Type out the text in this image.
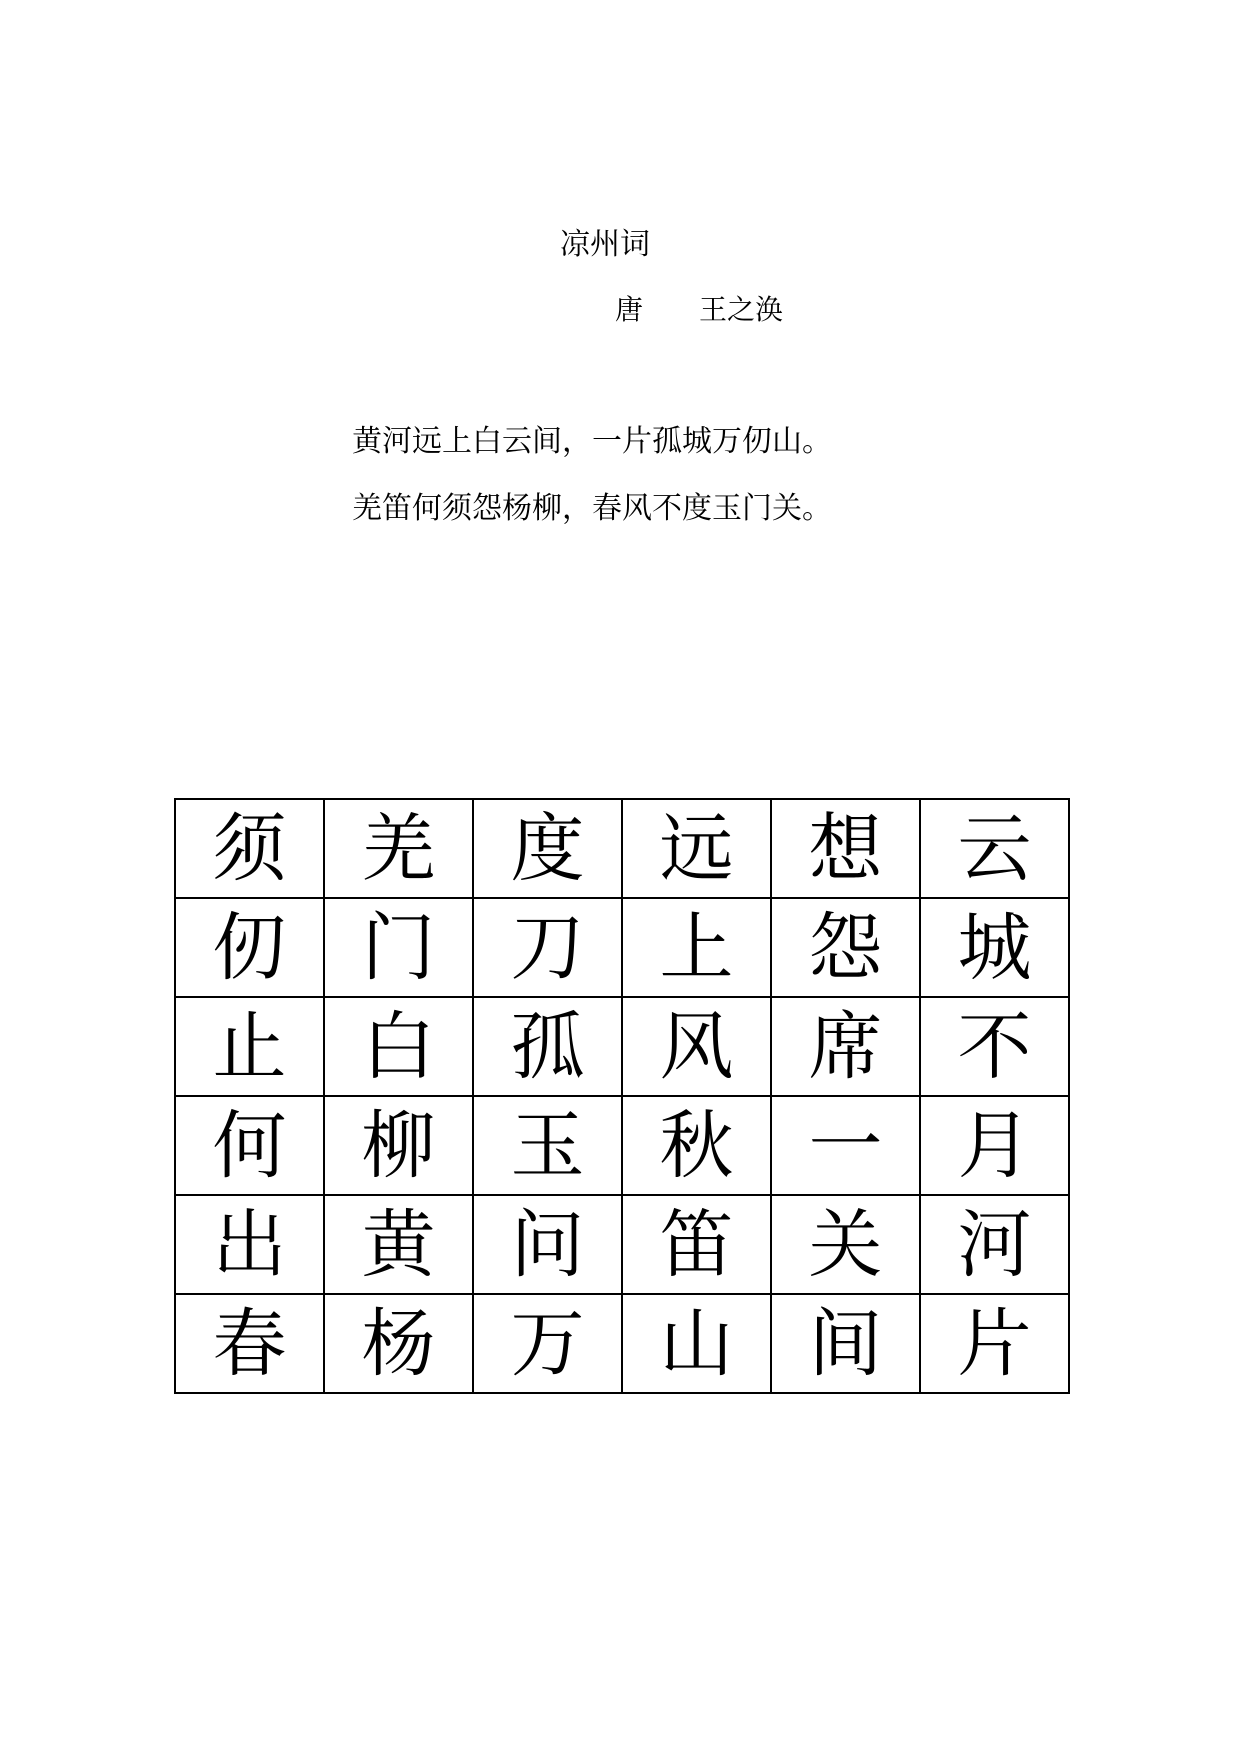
凉州词
唐 王之涣
黄河远上白云间，一片孤城万仞山。
羌笛何须怨杨柳，春风不度玉门关。
须	羌	度	远	想	云
仞	门	刀	上	怨	城
止	白	孤	风	席	不
何	柳	玉	秋	一	月
出	黄	问	笛	关	河
春	杨	万	山	间	片
